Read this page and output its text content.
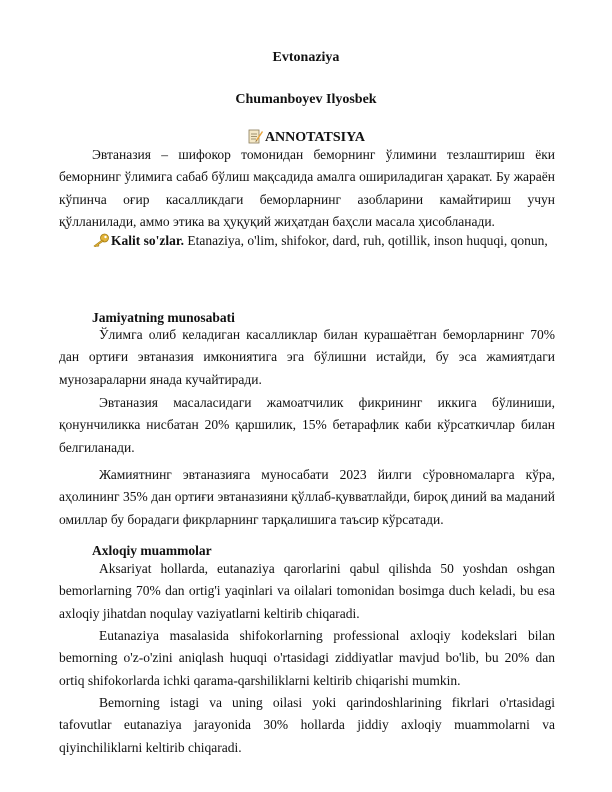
Evtonaziya

Chumanboyev Ilyosbek

ANNOTATSIYA

Эвтаназия – шифокор томонидан беморнинг ўлимини тезлаштириш ёки беморнинг ўлимига сабаб бўлиш мақсадида амалга ошириладиган ҳаракат. Бу жараён кўпинча оғир касалликдаги беморларнинг азобларини камайтириш учун қўлланилади, аммо этика ва ҳуқуқий жиҳатдан баҳсли масала ҳисобланади.

Kalit so'zlar. Etanaziya, o'lim, shifokor, dard, ruh, qotillik, inson huquqi, qonun,

Jamiyatning munosabati

Ўлимга олиб келадиган касалликлар билан курашаётган беморларнинг 70% дан ортиғи эвтаназия имкониятига эга бўлишни истайди, бу эса жамиятдаги мунозараларни янада кучайтиради.

Эвтаназия масаласидаги жамоатчилик фикрининг иккига бўлиниши, қонунчиликка нисбатан 20% қаршилик, 15% бетарафлик каби кўрсаткичлар билан белгиланади.

Жамиятнинг эвтаназияга муносабати 2023 йилги сўровномаларга кўра, аҳолининг 35% дан ортиғи эвтаназияни қўллаб-қувватлайди, бироқ диний ва маданий омиллар бу борадаги фикрларнинг тарқалишига таъсир кўрсатади.

Axloqiy muammolar

Aksariyat hollarda, eutanaziya qarorlarini qabul qilishda 50 yoshdan oshgan bemorlarning 70% dan ortig'i yaqinlari va oilalari tomonidan bosimga duch keladi, bu esa axloqiy jihatdan noqulay vaziyatlarni keltirib chiqaradi.

Eutanaziya masalasida shifokorlarning professional axloqiy kodekslari bilan bemorning o'z-o'zini aniqlash huquqi o'rtasidagi ziddiyatlar mavjud bo'lib, bu 20% dan ortiq shifokorlarda ichki qarama-qarshiliklarni keltirib chiqarishi mumkin.

Bemorning istagi va uning oilasi yoki qarindoshlarining fikrlari o'rtasidagi tafovutlar eutanaziya jarayonida 30% hollarda jiddiy axloqiy muammolarni va qiyinchiliklarni keltirib chiqaradi.
